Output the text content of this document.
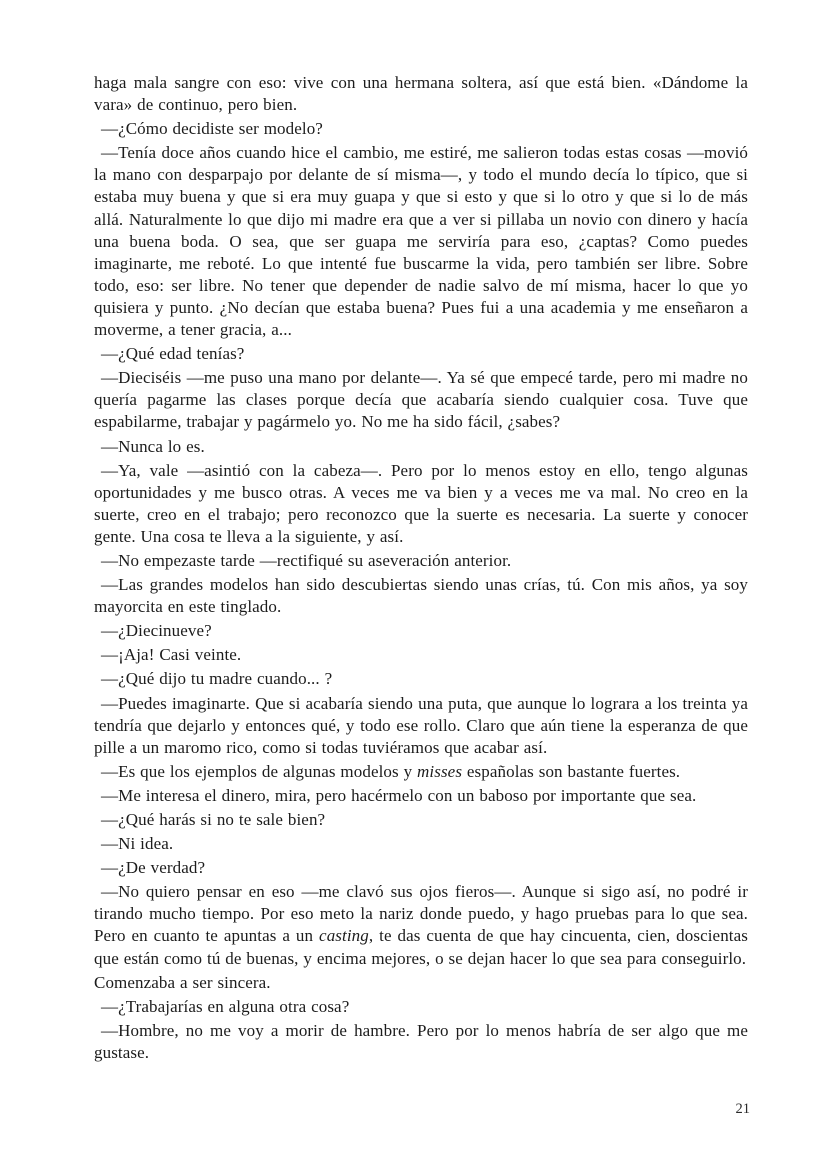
haga mala sangre con eso: vive con una hermana soltera, así que está bien. «Dándome la vara» de continuo, pero bien.

—¿Cómo decidiste ser modelo?

—Tenía doce años cuando hice el cambio, me estiré, me salieron todas estas cosas —movió la mano con desparpajo por delante de sí misma—, y todo el mundo decía lo típico, que si estaba muy buena y que si era muy guapa y que si esto y que si lo otro y que si lo de más allá. Naturalmente lo que dijo mi madre era que a ver si pillaba un novio con dinero y hacía una buena boda. O sea, que ser guapa me serviría para eso, ¿captas? Como puedes imaginarte, me reboté. Lo que intenté fue buscarme la vida, pero también ser libre. Sobre todo, eso: ser libre. No tener que depender de nadie salvo de mí misma, hacer lo que yo quisiera y punto. ¿No decían que estaba buena? Pues fui a una academia y me enseñaron a moverme, a tener gracia, a...

—¿Qué edad tenías?

—Dieciséis —me puso una mano por delante—. Ya sé que empecé tarde, pero mi madre no quería pagarme las clases porque decía que acabaría siendo cualquier cosa. Tuve que espabilarme, trabajar y pagármelo yo. No me ha sido fácil, ¿sabes?

—Nunca lo es.

—Ya, vale —asintió con la cabeza—. Pero por lo menos estoy en ello, tengo algunas oportunidades y me busco otras. A veces me va bien y a veces me va mal. No creo en la suerte, creo en el trabajo; pero reconozco que la suerte es necesaria. La suerte y conocer gente. Una cosa te lleva a la siguiente, y así.

—No empezaste tarde —rectifiqué su aseveración anterior.

—Las grandes modelos han sido descubiertas siendo unas crías, tú. Con mis años, ya soy mayorcita en este tinglado.

—¿Diecinueve?

—¡Aja! Casi veinte.

—¿Qué dijo tu madre cuando... ?

—Puedes imaginarte. Que si acabaría siendo una puta, que aunque lo lograra a los treinta ya tendría que dejarlo y entonces qué, y todo ese rollo. Claro que aún tiene la esperanza de que pille a un maromo rico, como si todas tuviéramos que acabar así.

—Es que los ejemplos de algunas modelos y misses españolas son bastante fuertes.

—Me interesa el dinero, mira, pero hacérmelo con un baboso por importante que sea.

—¿Qué harás si no te sale bien?

—Ni idea.

—¿De verdad?

—No quiero pensar en eso —me clavó sus ojos fieros—. Aunque si sigo así, no podré ir tirando mucho tiempo. Por eso meto la nariz donde puedo, y hago pruebas para lo que sea. Pero en cuanto te apuntas a un casting, te das cuenta de que hay cincuenta, cien, doscientas que están como tú de buenas, y encima mejores, o se dejan hacer lo que sea para conseguirlo.

Comenzaba a ser sincera.

—¿Trabajarías en alguna otra cosa?

—Hombre, no me voy a morir de hambre. Pero por lo menos habría de ser algo que me gustase.

21
